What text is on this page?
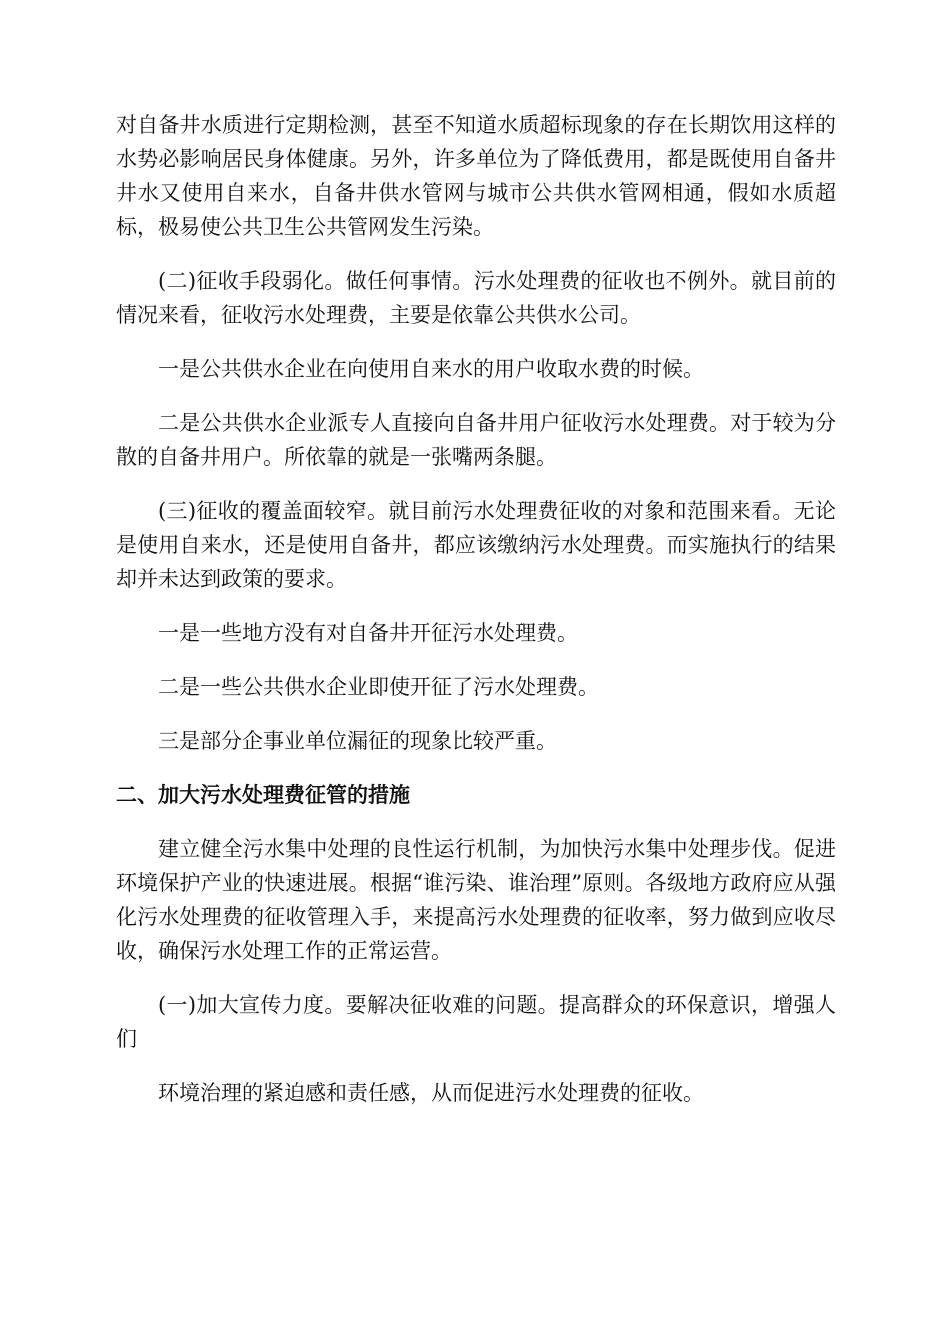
对自备井水质进行定期检测，甚至不知道水质超标现象的存在长期饮用这样的水势必影响居民身体健康。另外，许多单位为了降低费用，都是既使用自备井井水又使用自来水，自备井供水管网与城市公共供水管网相通，假如水质超标，极易使公共卫生公共管网发生污染。

(二)征收手段弱化。做任何事情。污水处理费的征收也不例外。就目前的情况来看，征收污水处理费，主要是依靠公共供水公司。

一是公共供水企业在向使用自来水的用户收取水费的时候。

二是公共供水企业派专人直接向自备井用户征收污水处理费。对于较为分散的自备井用户。所依靠的就是一张嘴两条腿。

(三)征收的覆盖面较窄。就目前污水处理费征收的对象和范围来看。无论是使用自来水，还是使用自备井，都应该缴纳污水处理费。而实施执行的结果却并未达到政策的要求。

一是一些地方没有对自备井开征污水处理费。

二是一些公共供水企业即使开征了污水处理费。

三是部分企事业单位漏征的现象比较严重。

二、加大污水处理费征管的措施

建立健全污水集中处理的良性运行机制，为加快污水集中处理步伐。促进环境保护产业的快速进展。根据“谁污染、谁治理”原则。各级地方政府应从强化污水处理费的征收管理入手，来提高污水处理费的征收率，努力做到应收尽收，确保污水处理工作的正常运营。

(一)加大宣传力度。要解决征收难的问题。提高群众的环保意识，增强人们

环境治理的紧迫感和责任感，从而促进污水处理费的征收。
